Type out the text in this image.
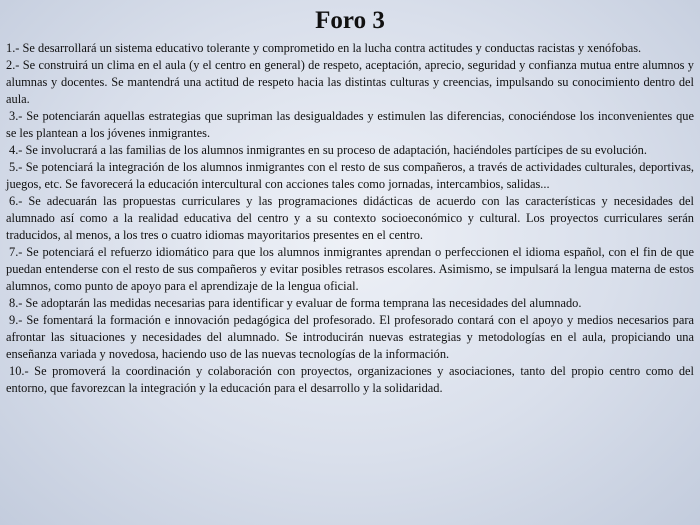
Foro 3

1.- Se desarrollará un sistema educativo tolerante y comprometido en la lucha contra actitudes y conductas racistas y xenófobas.

2.- Se construirá un clima en el aula (y el centro en general) de respeto, aceptación, aprecio, seguridad y confianza mutua entre alumnos y alumnas y docentes. Se mantendrá una actitud de respeto hacia las distintas culturas y creencias, impulsando su conocimiento dentro del aula.

3.- Se potenciarán aquellas estrategias que supriman las desigualdades y estimulen las diferencias, conociéndose los inconvenientes que se les plantean a los jóvenes inmigrantes.

4.- Se involucrará a las familias de los alumnos inmigrantes en su proceso de adaptación, haciéndoles partícipes de su evolución.

5.- Se potenciará la integración de los alumnos inmigrantes con el resto de sus compañeros, a través de actividades culturales, deportivas, juegos, etc. Se favorecerá la educación intercultural con acciones tales como jornadas, intercambios, salidas...

6.- Se adecuarán las propuestas curriculares y las programaciones didácticas de acuerdo con las características y necesidades del alumnado así como a la realidad educativa del centro y a su contexto socioeconómico y cultural. Los proyectos curriculares serán traducidos, al menos, a los tres o cuatro idiomas mayoritarios presentes en el centro.

7.- Se potenciará el refuerzo idiomático para que los alumnos inmigrantes aprendan o perfeccionen el idioma español, con el fin de que puedan entenderse con el resto de sus compañeros y evitar posibles retrasos escolares. Asimismo, se impulsará la lengua materna de estos alumnos, como punto de apoyo para el aprendizaje de la lengua oficial.

8.- Se adoptarán las medidas necesarias para identificar y evaluar de forma temprana las necesidades del alumnado.

9.- Se fomentará la formación e innovación pedagógica del profesorado. El profesorado contará con el apoyo y medios necesarios para afrontar las situaciones y necesidades del alumnado. Se introducirán nuevas estrategias y metodologías en el aula, propiciando una enseñanza variada y novedosa, haciendo uso de las nuevas tecnologías de la información.

10.- Se promoverá la coordinación y colaboración con proyectos, organizaciones y asociaciones, tanto del propio centro como del entorno, que favorezcan la integración y la educación para el desarrollo y la solidaridad.
